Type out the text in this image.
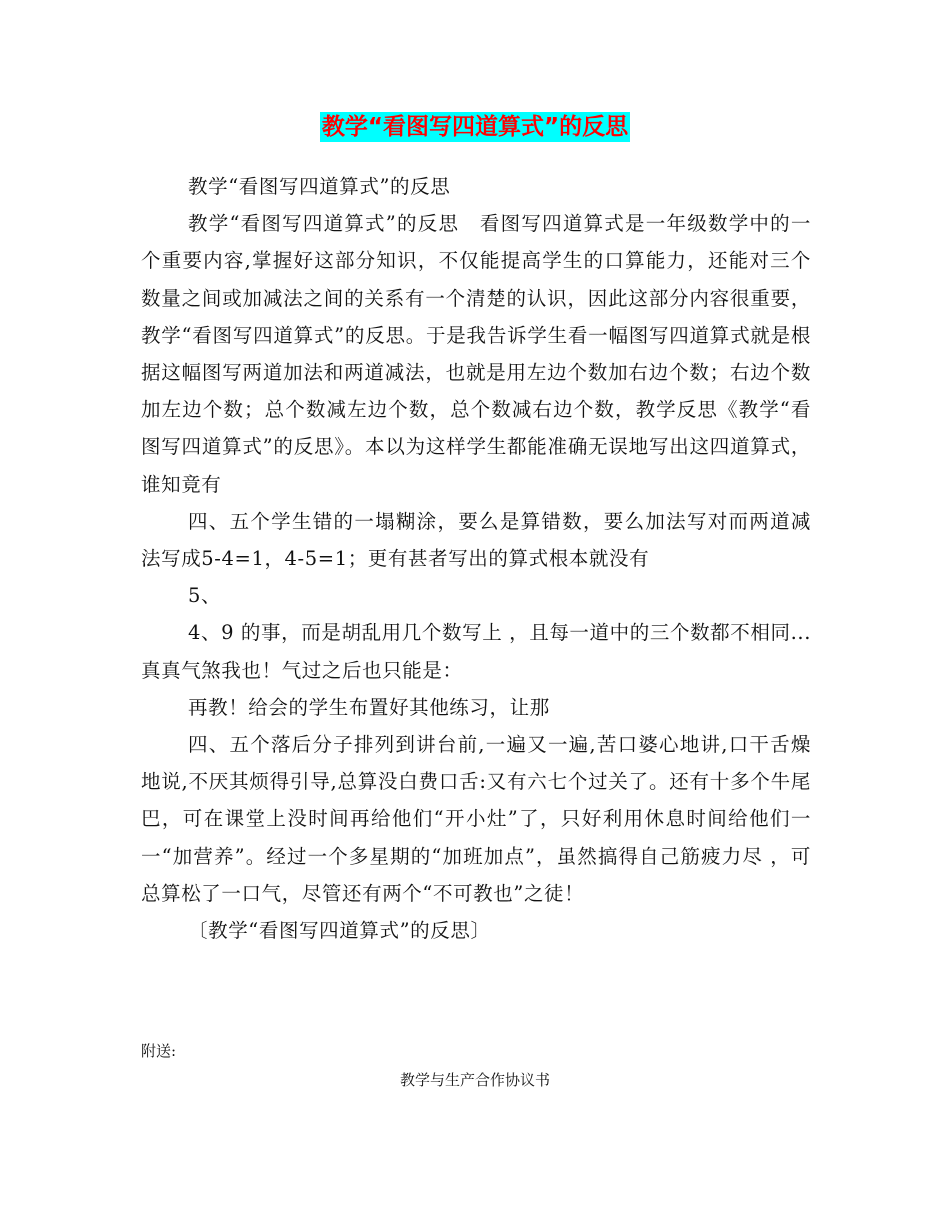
教学“看图写四道算式”的反思

教学“看图写四道算式”的反思

教学“看图写四道算式”的反思　看图写四道算式是一年级数学中的一个重要内容,掌握好这部分知识，不仅能提高学生的口算能力，还能对三个数量之间或加减法之间的关系有一个清楚的认识，因此这部分内容很重要，教学“看图写四道算式”的反思。于是我告诉学生看一幅图写四道算式就是根据这幅图写两道加法和两道减法，也就是用左边个数加右边个数；右边个数加左边个数；总个数减左边个数，总个数减右边个数，教学反思《教学“看图写四道算式”的反思》。本以为这样学生都能准确无误地写出这四道算式，谁知竟有

四、五个学生错的一塌糊涂，要么是算错数，要么加法写对而两道减法写成5-4=1，4-5=1；更有甚者写出的算式根本就没有

5、

4、9 的事，而是胡乱用几个数写上 ，且每一道中的三个数都不相同...真真气煞我也！气过之后也只能是：

再教！给会的学生布置好其他练习，让那

四、五个落后分子排列到讲台前,一遍又一遍,苦口婆心地讲,口干舌燥地说,不厌其烦得引导,总算没白费口舌:又有六七个过关了。还有十多个牛尾巴，可在课堂上没时间再给他们“开小灶”了，只好利用休息时间给他们一一“加营养”。经过一个多星期的“加班加点”，虽然搞得自己筋疲力尽 ，可总算松了一口气，尽管还有两个“不可教也”之徒！

〔教学“看图写四道算式”的反思〕

附送:
教学与生产合作协议书
